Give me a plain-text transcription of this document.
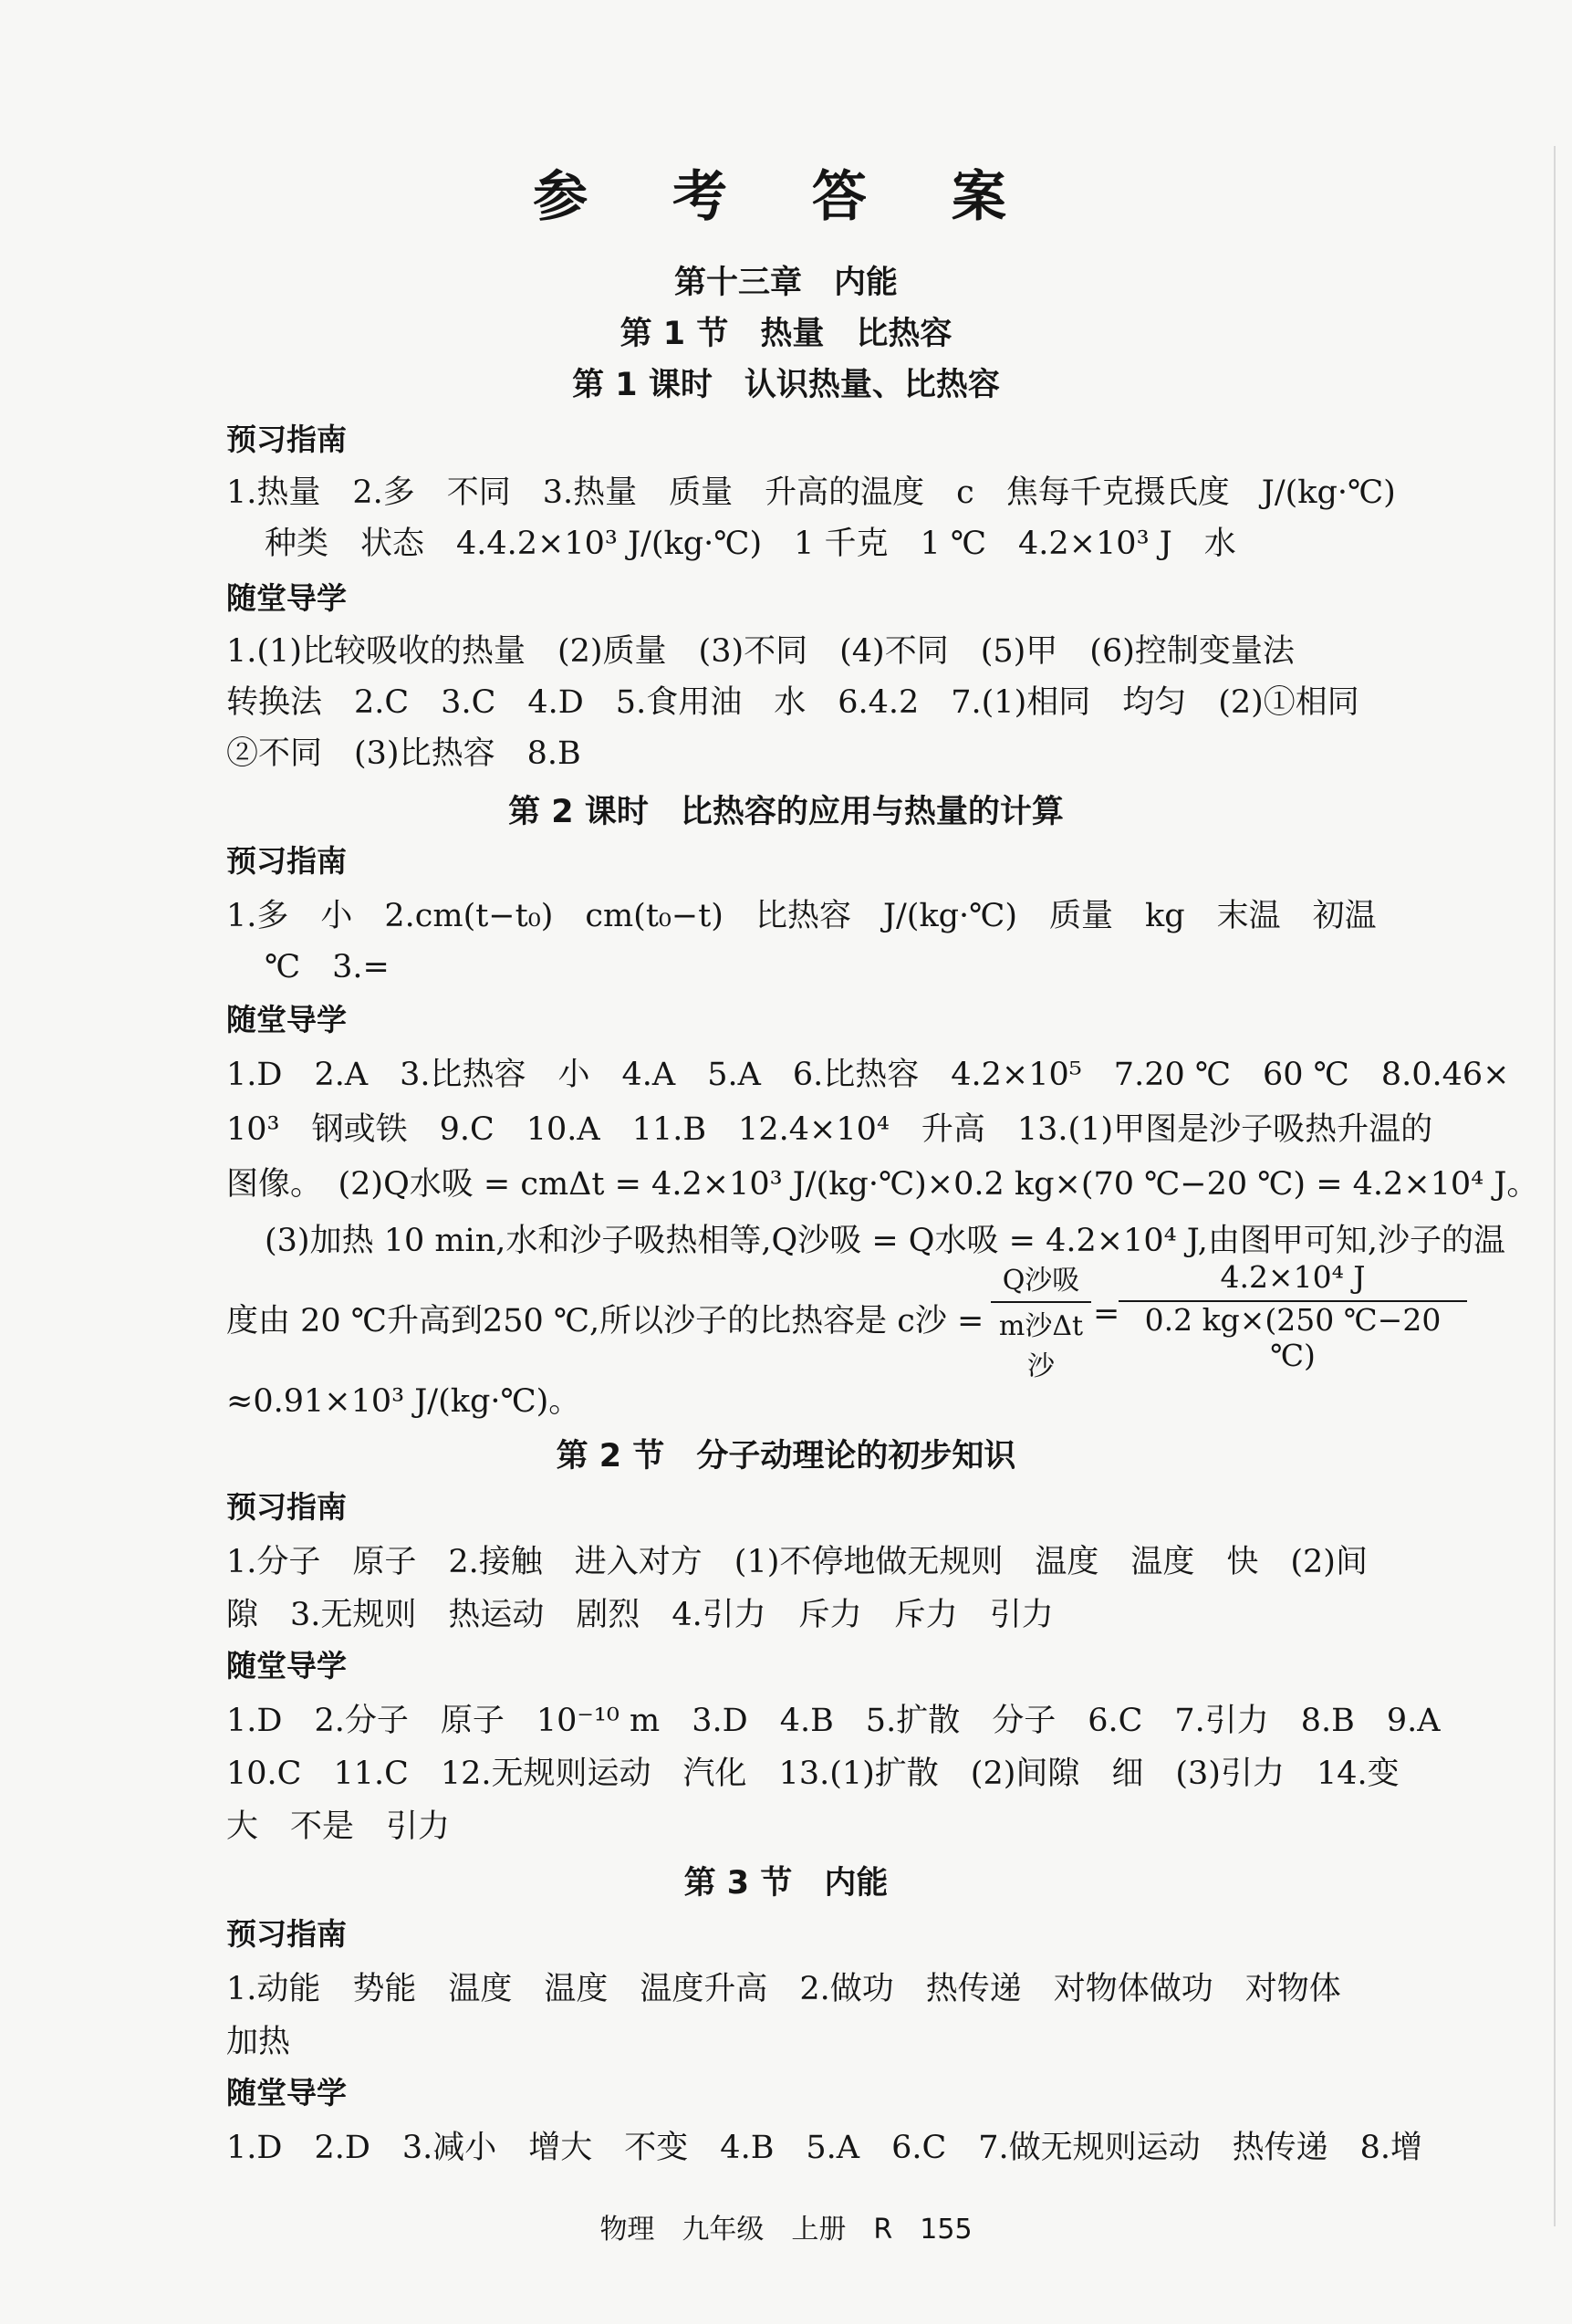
参 考 答 案
第十三章　内能
第 1 节　热量　比热容
第 1 课时　认识热量、比热容
预习指南
1.热量　2.多　不同　3.热量　质量　升高的温度　c　焦每千克摄氏度　J/(kg·℃)
种类　状态　4.4.2×10³ J/(kg·℃)　1 千克　1 ℃　4.2×10³ J　水
随堂导学
1.(1)比较吸收的热量　(2)质量　(3)不同　(4)不同　(5)甲　(6)控制变量法
转换法　2.C　3.C　4.D　5.食用油　水　6.4.2　7.(1)相同　均匀　(2)①相同
②不同　(3)比热容　8.B
第 2 课时　比热容的应用与热量的计算
预习指南
1.多　小　2.cm(t−t₀)　cm(t₀−t)　比热容　J/(kg·℃)　质量　kg　末温　初温
℃　3.=
随堂导学
1.D　2.A　3.比热容　小　4.A　5.A　6.比热容　4.2×10⁵　7.20 ℃　60 ℃　8.0.46×
10³　钢或铁　9.C　10.A　11.B　12.4×10⁴　升高　13.(1)甲图是沙子吸热升温的
图像。　(2)Q水吸 = cmΔt = 4.2×10³ J/(kg·℃)×0.2 kg×(70 ℃−20 ℃) = 4.2×10⁴ J。
(3)加热 10 min,水和沙子吸热相等,Q沙吸 = Q水吸 = 4.2×10⁴ J,由图甲可知,沙子的温
度由 20 ℃升高到250 ℃,所以沙子的比热容是 c沙 =
Q沙吸
m沙Δt沙
=
$\frac{\text{4.2×10⁴ J}}{0.2 kg\times(250 ℃-20 ℃)}$
≈0.91×10³ J/(kg·℃)。
第 2 节　分子动理论的初步知识
预习指南
1.分子　原子　2.接触　进入对方　(1)不停地做无规则　温度　温度　快　(2)间
隙　3.无规则　热运动　剧烈　4.引力　斥力　斥力　引力
随堂导学
1.D　2.分子　原子　10⁻¹⁰ m　3.D　4.B　5.扩散　分子　6.C　7.引力　8.B　9.A
10.C　11.C　12.无规则运动　汽化　13.(1)扩散　(2)间隙　细　(3)引力　14.变
大　不是　引力
第 3 节　内能
预习指南
1.动能　势能　温度　温度　温度升高　2.做功　热传递　对物体做功　对物体
加热
随堂导学
1.D　2.D　3.减小　增大　不变　4.B　5.A　6.C　7.做无规则运动　热传递　8.增
物理　九年级　上册　R　155
